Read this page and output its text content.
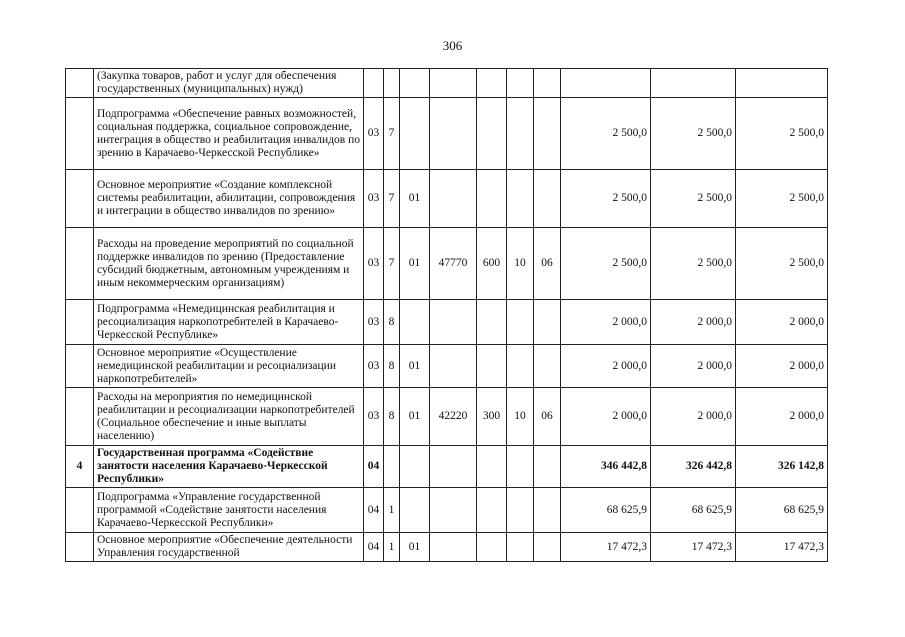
306
	(Закупка товаров, работ и услуг для обеспечения государственных (муниципальных) нужд)										
	Подпрограмма «Обеспечение равных возможностей, социальная поддержка, социальное сопровождение, интеграция в общество и реабилитация инвалидов по зрению в Карачаево-Черкесской Республике»	03	7						2 500,0	2 500,0	2 500,0
	Основное мероприятие «Создание комплексной системы реабилитации, абилитации, сопровождения и интеграции в общество инвалидов по зрению»	03	7	01					2 500,0	2 500,0	2 500,0
	Расходы на проведение мероприятий по социальной поддержке инвалидов по зрению (Предоставление субсидий бюджетным, автономным учреждениям и иным некоммерческим организациям)	03	7	01	47770	600	10	06	2 500,0	2 500,0	2 500,0
	Подпрограмма «Немедицинская реабилитация и ресоциализация наркопотребителей в Карачаево-Черкесской Республике»	03	8						2 000,0	2 000,0	2 000,0
	Основное мероприятие «Осуществление немедицинской реабилитации и ресоциализации наркопотребителей»	03	8	01					2 000,0	2 000,0	2 000,0
	Расходы на мероприятия по немедицинской реабилитации и ресоциализации наркопотребителей (Социальное обеспечение и иные выплаты населению)	03	8	01	42220	300	10	06	2 000,0	2 000,0	2 000,0
4	Государственная программа «Содействие занятости населения Карачаево-Черкесской Республики»	04							346 442,8	326 442,8	326 142,8
	Подпрограмма «Управление государственной программой «Содействие занятости населения Карачаево-Черкесской Республики»	04	1						68 625,9	68 625,9	68 625,9
	Основное мероприятие «Обеспечение деятельности Управления государственной	04	1	01					17 472,3	17 472,3	17 472,3
